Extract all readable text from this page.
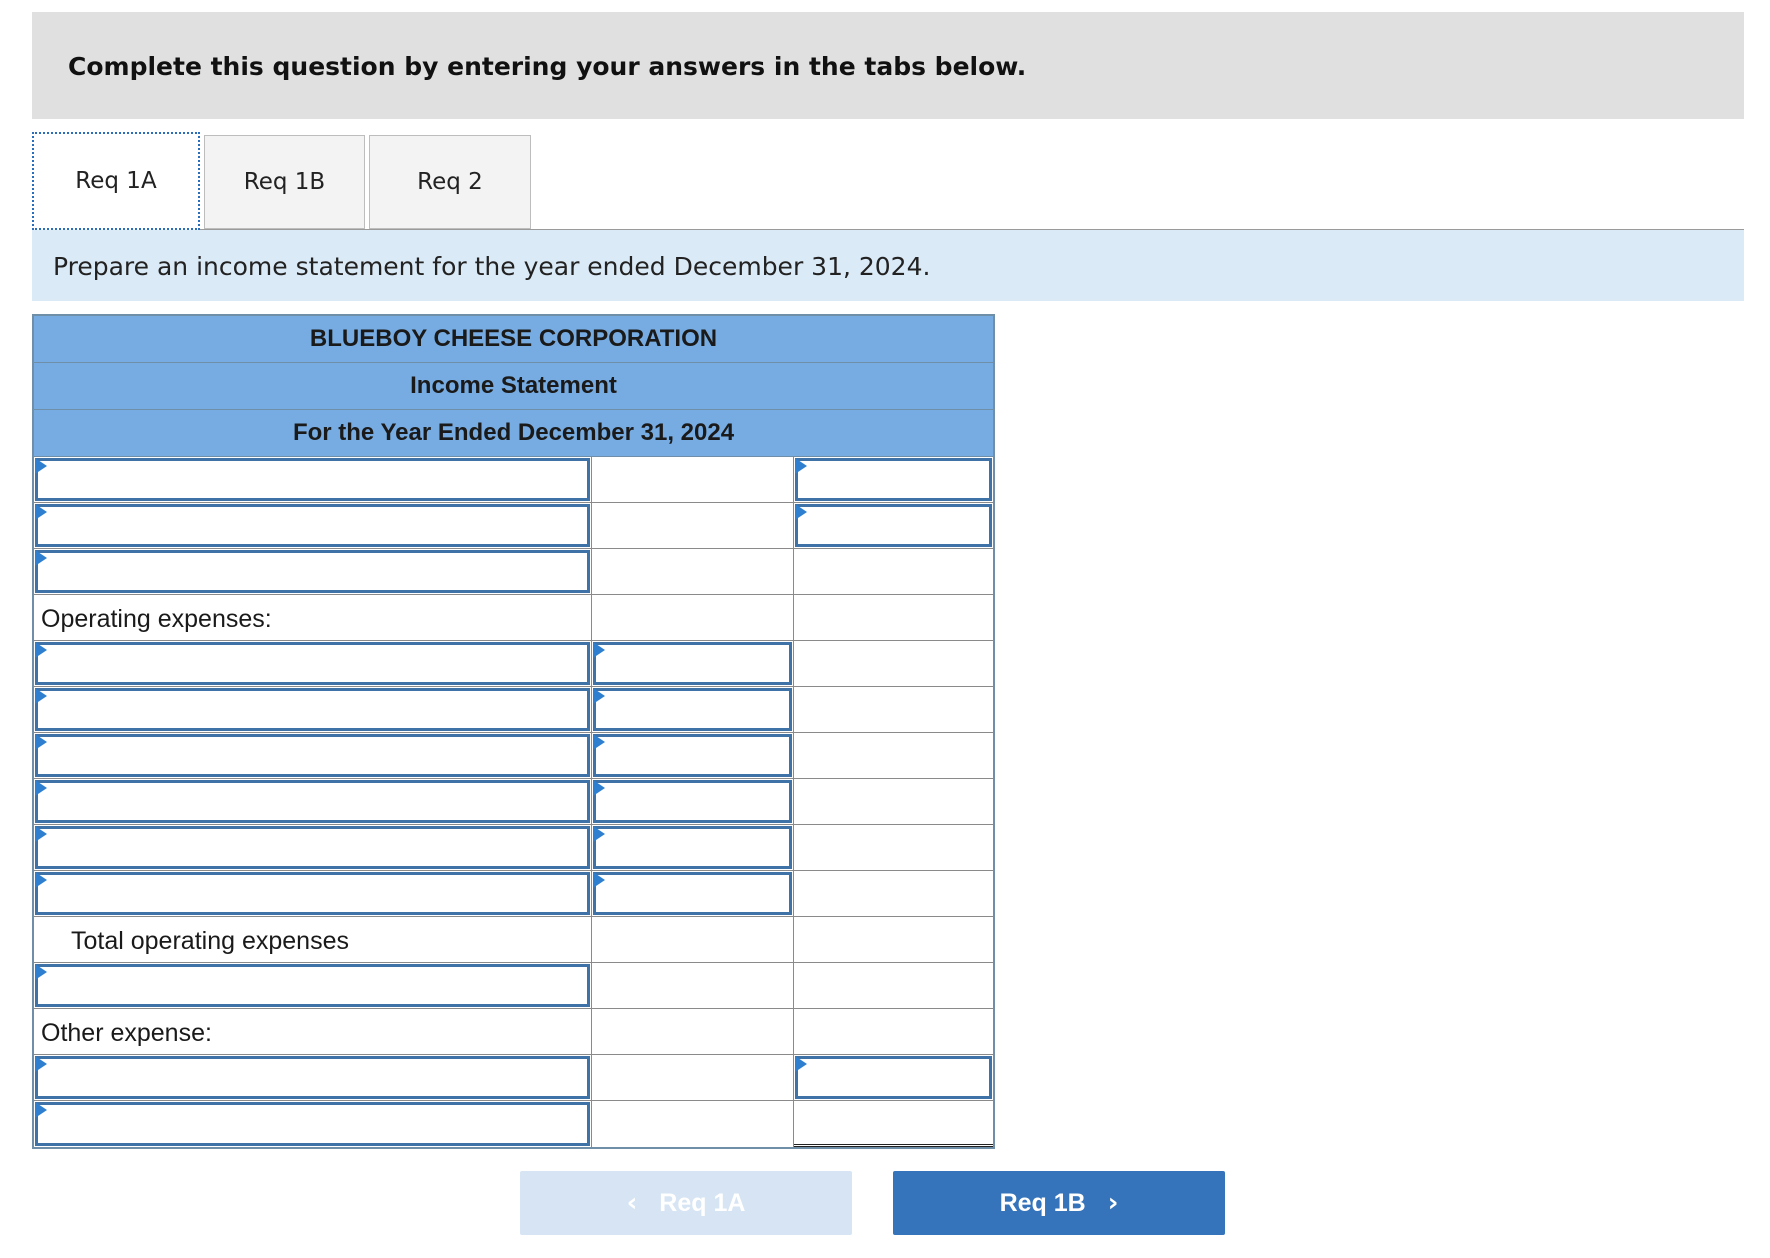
Complete this question by entering your answers in the tabs below.
Req 1A	Req 1B	Req 2
Prepare an income statement for the year ended December 31, 2024.
BLUEBOY CHEESE CORPORATION
Income Statement
For the Year Ended December 31, 2024
Operating expenses:
Total operating expenses
Other expense:
‹ Req 1A	Req 1B ›
